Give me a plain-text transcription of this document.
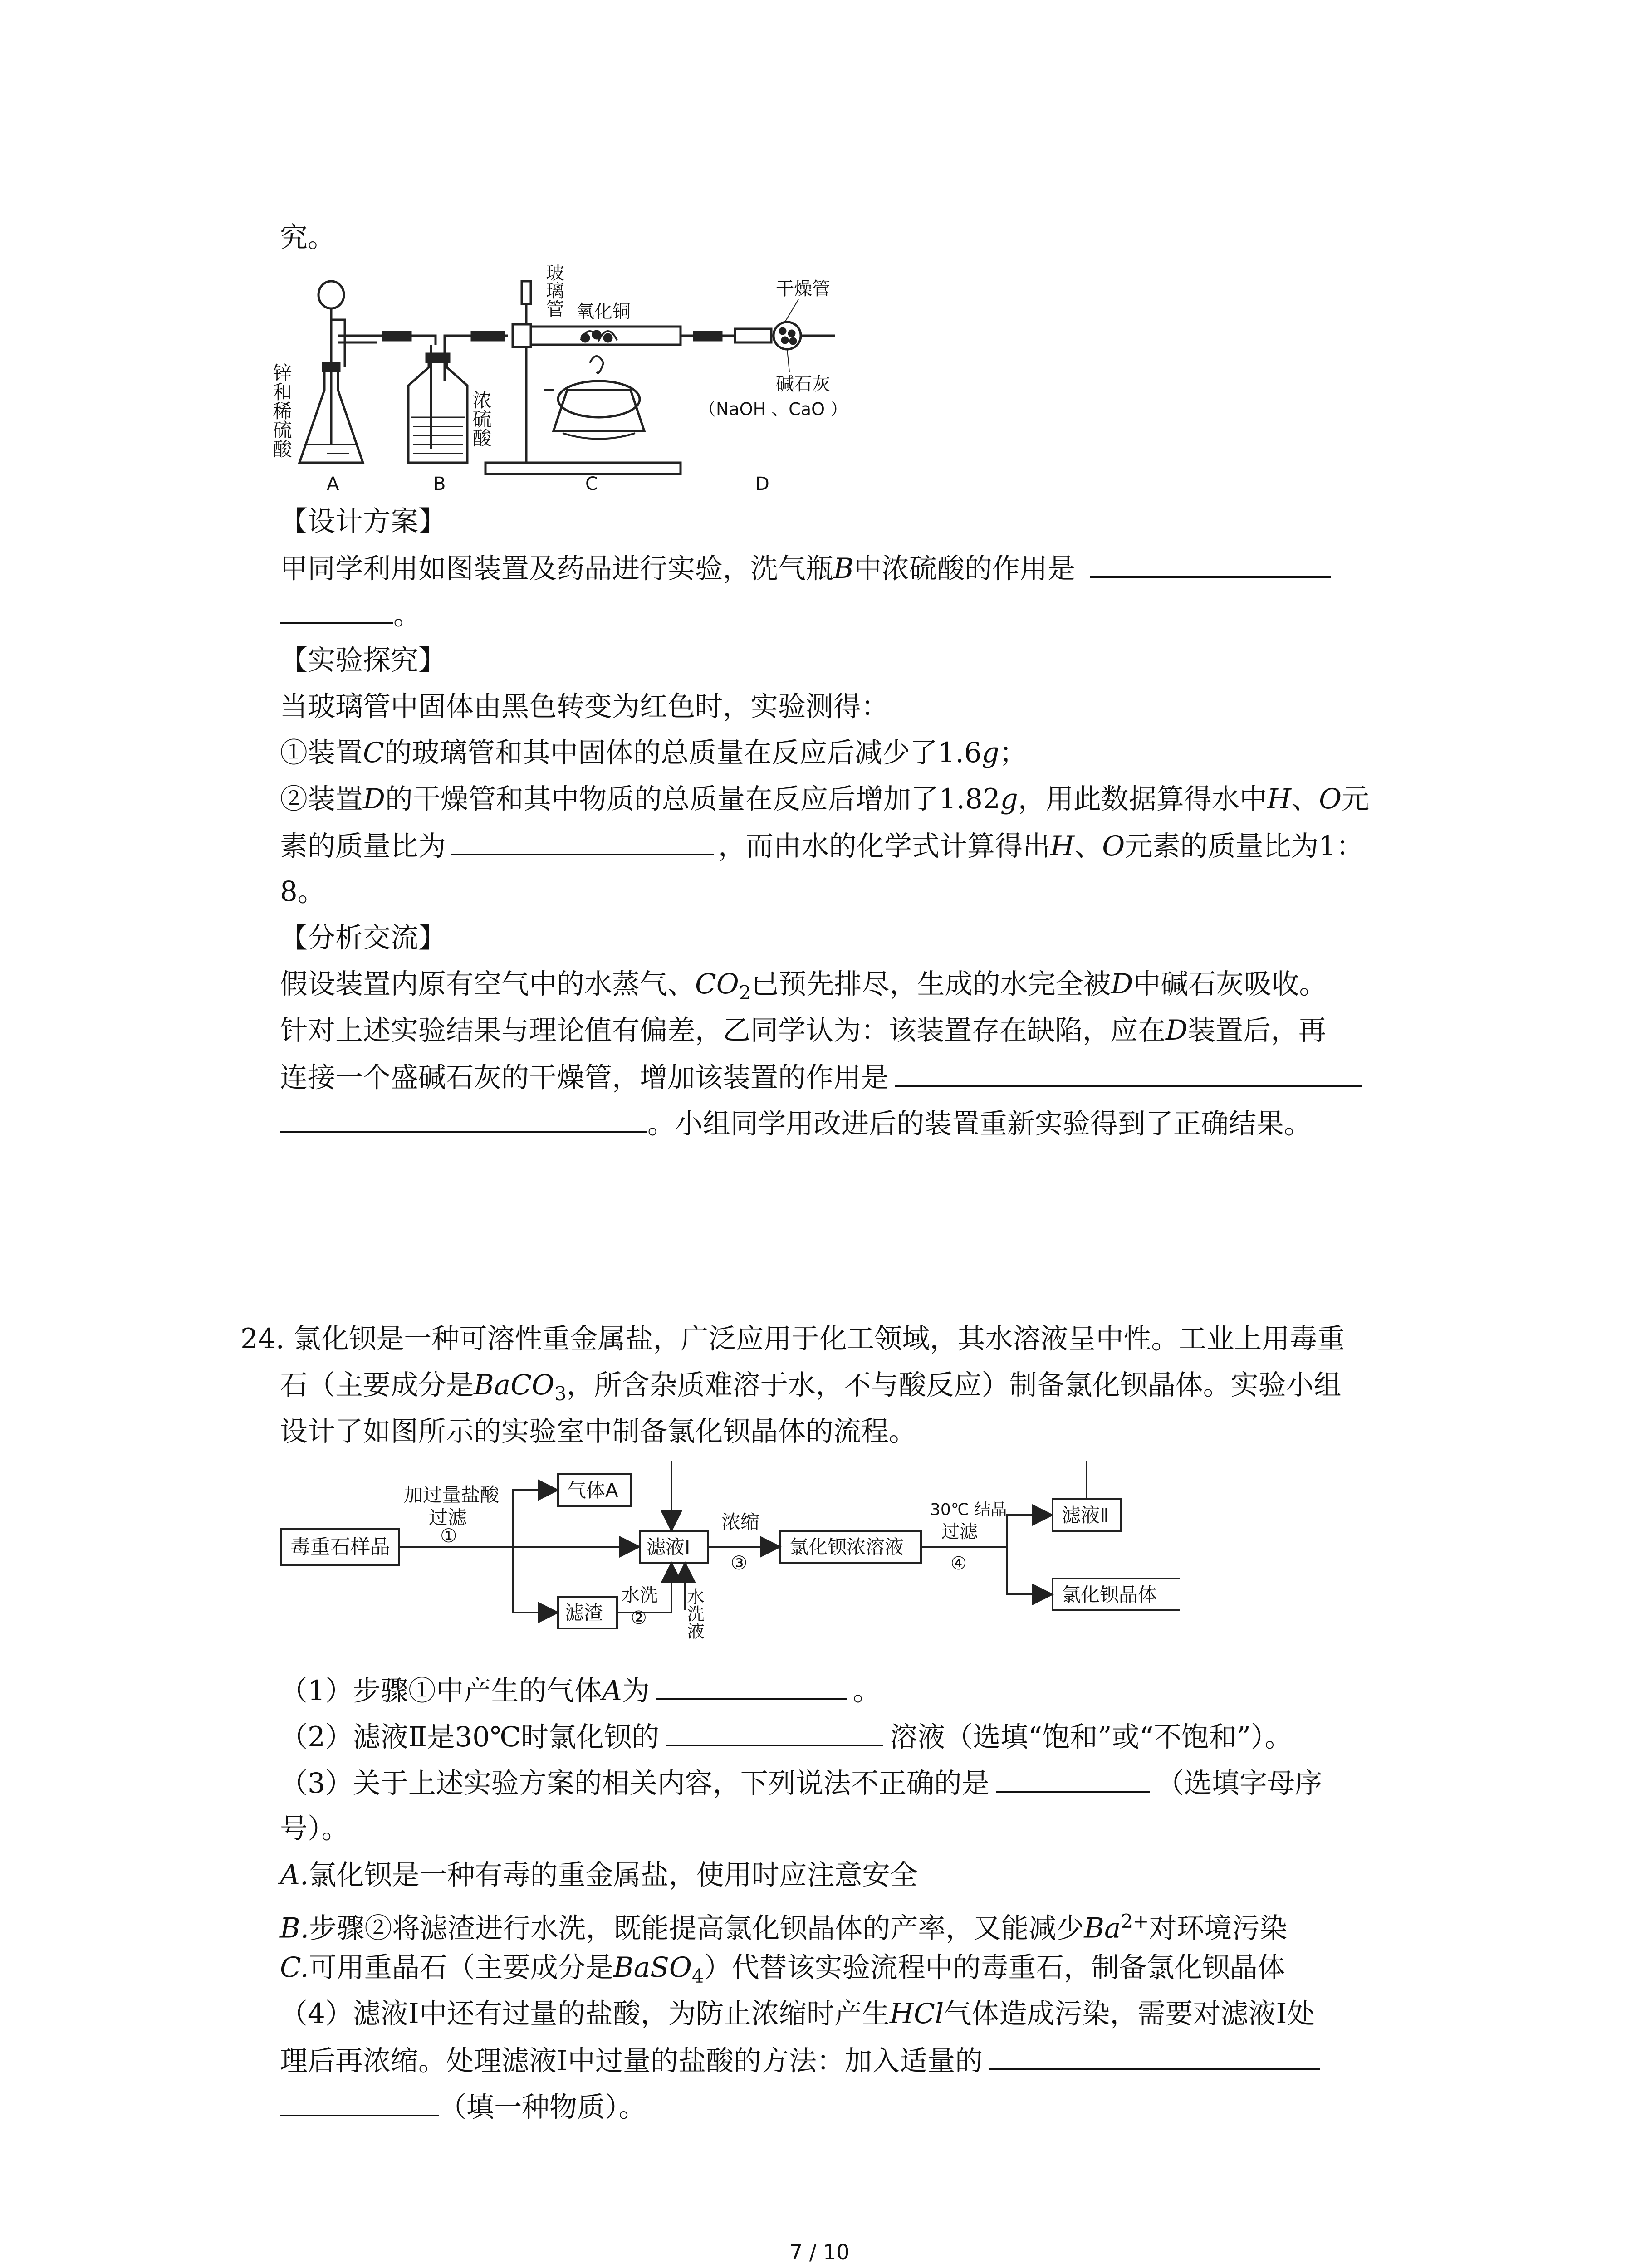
究。
锌和稀硫酸	浓硫酸
玻璃管 氧化铜
干燥管
碱石灰
（NaOH 、CaO ）
A	B	C	D
【设计方案】
甲同学利用如图装置及药品进行实验，洗气瓶B中浓硫酸的作用是
。
【实验探究】
当玻璃管中固体由黑色转变为红色时，实验测得：
①装置C的玻璃管和其中固体的总质量在反应后减少了1.6g；
②装置D的干燥管和其中物质的总质量在反应后增加了1.82g，用此数据算得水中H、O元
素的质量比为	，而由水的化学式计算得出H、O元素的质量比为1：
8。
【分析交流】
假设装置内原有空气中的水蒸气、$CO_2$已预先排尽，生成的水完全被D中碱石灰吸收。
针对上述实验结果与理论值有偏差，乙同学认为：该装置存在缺陷，应在D装置后，再
连接一个盛碱石灰的干燥管，增加该装置的作用是
。小组同学用改进后的装置重新实验得到了正确结果。
24. 氯化钡是一种可溶性重金属盐，广泛应用于化工领域，其水溶液呈中性。工业上用毒重
石（主要成分是BaCO$_3$，所含杂质难溶于水，不与酸反应）制备氯化钡晶体。实验小组
设计了如图所示的实验室中制备氯化钡晶体的流程。
毒重石样品
加过量盐酸
过滤
①
气体A
滤渣
水洗
② 水洗液
滤液Ⅰ
浓缩
③
氯化钡浓溶液
30℃ 结晶
过滤
④
滤液Ⅱ
氯化钡晶体
（1）步骤①中产生的气体A为	。
（2）滤液Ⅱ是30℃时氯化钡的	溶液（选填“饱和”或“不饱和”）。
（3）关于上述实验方案的相关内容，下列说法不正确的是	（选填字母序
号）。
A.氯化钡是一种有毒的重金属盐，使用时应注意安全
B.步骤②将滤渣进行水洗，既能提高氯化钡晶体的产率，又能减少$Ba^{2+}$对环境污染
C.可用重晶石（主要成分是BaSO$_4$）代替该实验流程中的毒重石，制备氯化钡晶体
（4）滤液Ⅰ中还有过量的盐酸，为防止浓缩时产生HCl气体造成污染，需要对滤液Ⅰ处
理后再浓缩。处理滤液Ⅰ中过量的盐酸的方法：加入适量的
（填一种物质）。
7 / 10
